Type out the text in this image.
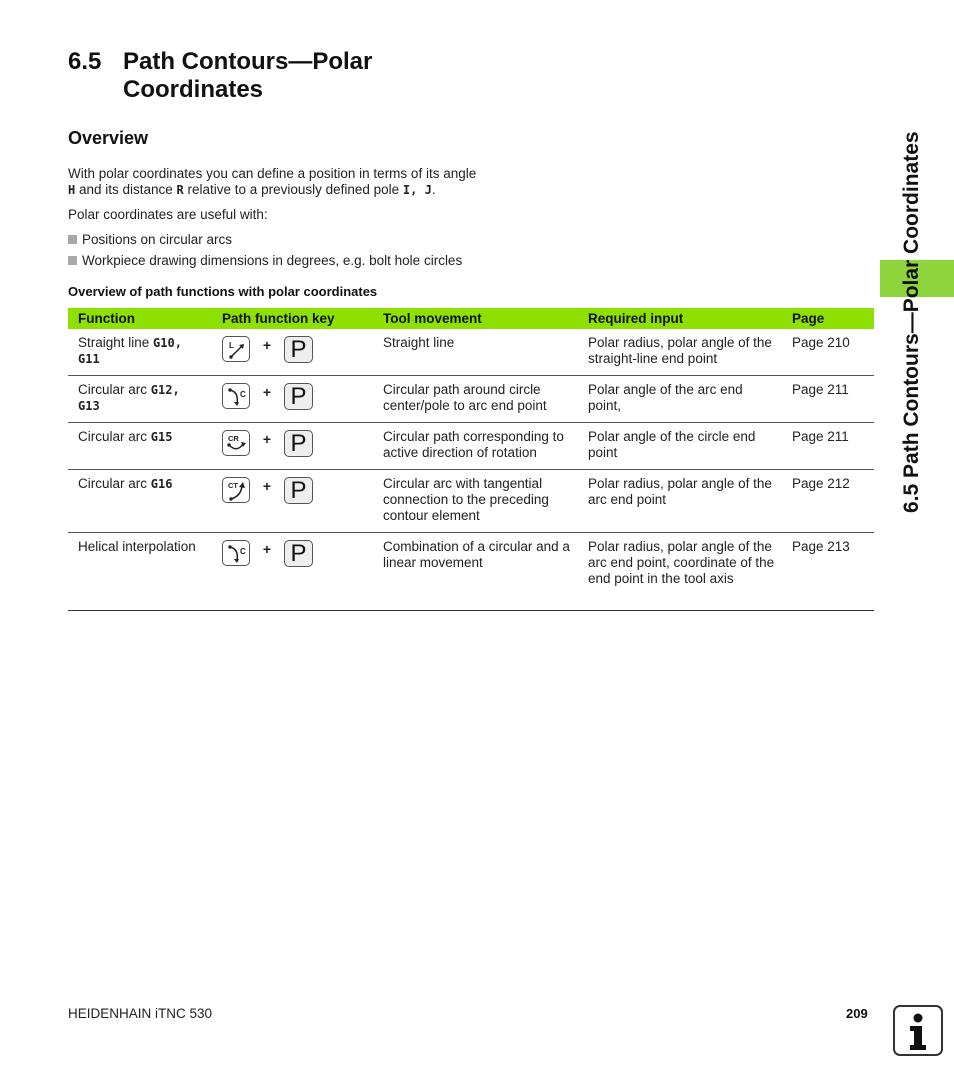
6.5 Path Contours—Polar Coordinates
Overview
With polar coordinates you can define a position in terms of its angle
H and its distance R relative to a previously defined pole I, J.
Polar coordinates are useful with:
Positions on circular arcs
Workpiece drawing dimensions in degrees, e.g. bolt hole circles
Overview of path functions with polar coordinates
Function	Path function key	Tool movement	Required input	Page
Straight line G10, G11	L + P	Straight line	Polar radius, polar angle of the straight-line end point	Page 210
Circular arc G12, G13	C + P	Circular path around circle center/pole to arc end point	Polar angle of the arc end point,	Page 211
Circular arc G15	CR + P	Circular path corresponding to active direction of rotation	Polar angle of the circle end point	Page 211
Circular arc G16	CT + P	Circular arc with tangential connection to the preceding contour element	Polar radius, polar angle of the arc end point	Page 212
Helical interpolation	C + P	Combination of a circular and a linear movement	Polar radius, polar angle of the arc end point, coordinate of the end point in the tool axis	Page 213
6.5 Path Contours—Polar Coordinates
HEIDENHAIN iTNC 530	209
